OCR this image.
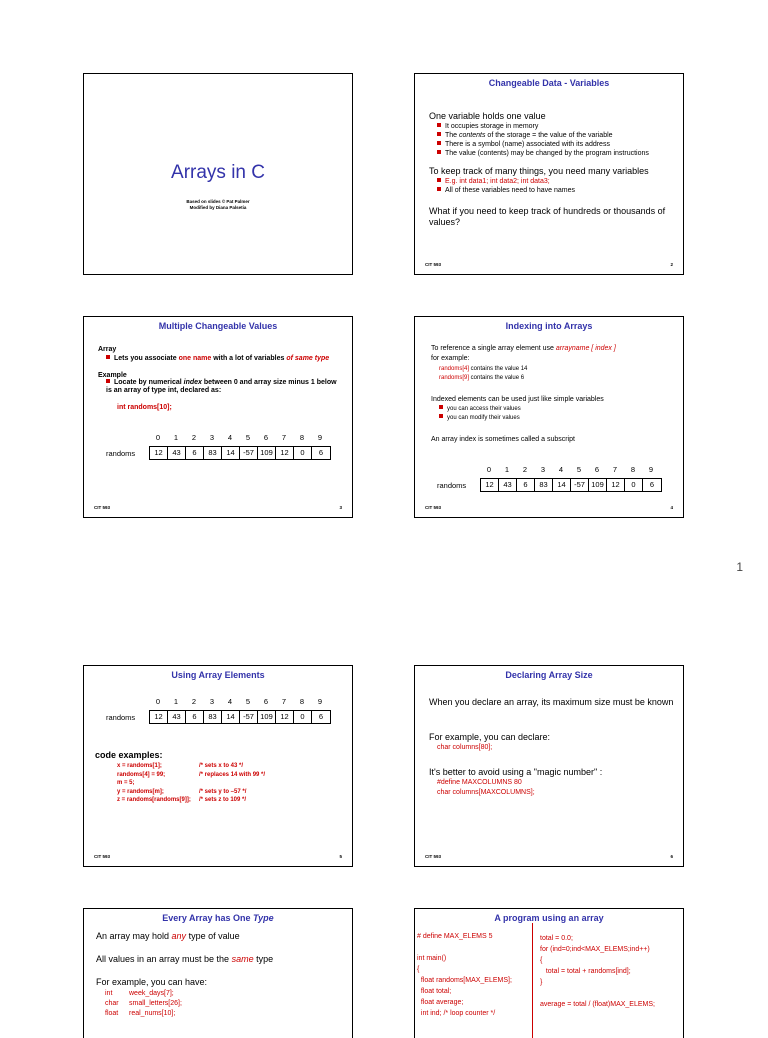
Arrays in C
Based on slides © Pat Palmer
Modified by Diana Palsetia
Changeable Data - Variables
One variable holds one value
It occupies storage in memory
The contents of the storage = the value of the variable
There is a symbol (name) associated with its address
The value (contents) may be changed by the program instructions
To keep track of many things, you need many variables
E.g. int data1; int data2; int data3;
All of these variables need to have names
What if you need to keep track of hundreds or thousands of values?
CIT 593	2
Multiple Changeable Values
Array
Lets you associate one name with a lot of variables of same type
Example
Locate by numerical index between 0 and array size minus 1 below is an array of type int, declared as:
int randoms[10];
randoms
0	1	2	3	4	5	6	7	8	9
12	43	6	83	14	-57 109	12	0	6
CIT 593	3
Indexing into Arrays
To reference a single array element use arrayname [ index ]
for example:
randoms[4] contains the value 14
randoms[9] contains the value 6
Indexed elements can be used just like simple variables
you can access their values
you can modify their values
An array index is sometimes called a subscript
randoms
0	1	2	3	4	5	6	7	8	9
12	43	6	83	14	-57 109	12	0	6
CIT 593	4
1
Using Array Elements
randoms
0	1	2	3	4	5	6	7	8	9
12	43	6	83	14	-57 109	12	0	6
code examples:
x = randoms[1];	/* sets x to 43 */
randoms[4] = 99;	/* replaces 14 with 99 */
m = 5;
y = randoms[m];	/* sets y to –57 */
z = randoms[randoms[9]]; /* sets z to 109 */
CIT 593	5
Declaring Array Size
When you declare an array, its maximum size must be known
For example, you can declare:
char columns[80];
It's better to avoid using a "magic number" :
#define MAXCOLUMNS 80
char columns[MAXCOLUMNS];
CIT 593	6
Every Array has One Type
An array may hold any type of value
All values in an array must be the same type
For example, you can have:
int week_days[7];
char small_letters[26];
float real_nums[10];
A program using an array
# define MAX_ELEMS 5

int main()
{
float randoms[MAX_ELEMS];
float total;
float average;
int ind; /* loop counter */
total = 0.0;
for (ind=0;ind<MAX_ELEMS;ind++)
{
total = total + randoms[ind];
}

average = total / (float)MAX_ELEMS;
